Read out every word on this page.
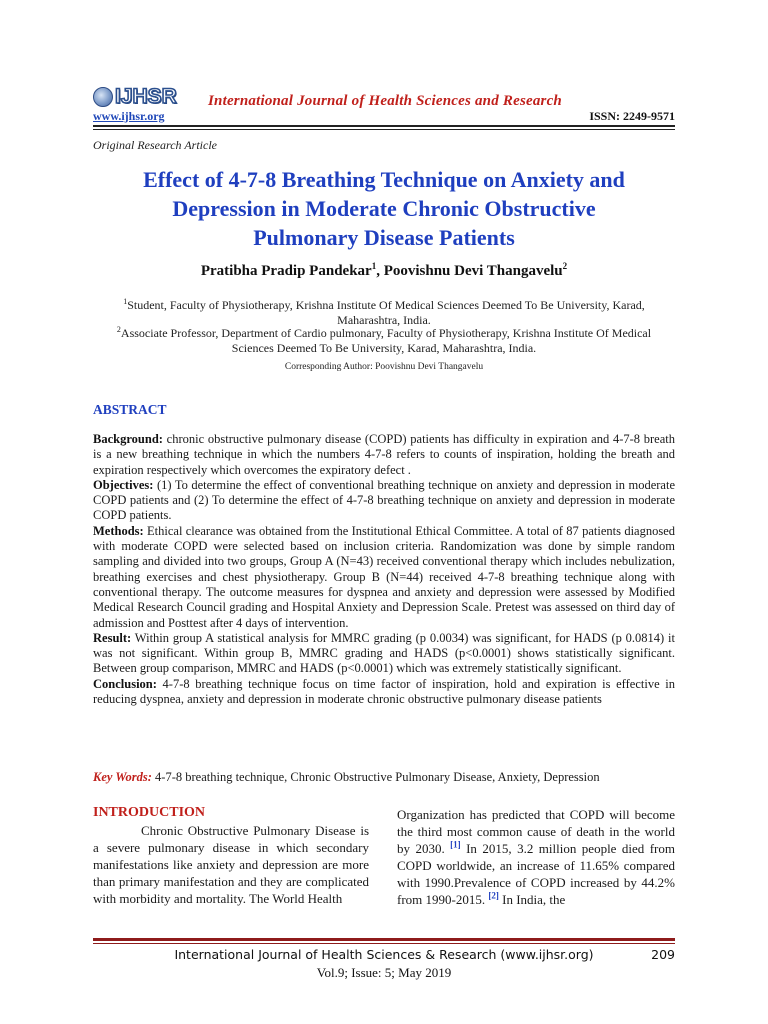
IJHSR International Journal of Health Sciences and Research
www.ijhsr.org	ISSN: 2249-9571
Original Research Article
Effect of 4-7-8 Breathing Technique on Anxiety and
Depression in Moderate Chronic Obstructive
Pulmonary Disease Patients
Pratibha Pradip Pandekar$^1$, Poovishnu Devi Thangavelu$^2$
$^1$Student, Faculty of Physiotherapy, Krishna Institute Of Medical Sciences Deemed To Be University, Karad,
Maharashtra, India.
$^2$Associate Professor, Department of Cardio pulmonary, Faculty of Physiotherapy, Krishna Institute Of Medical
Sciences Deemed To Be University, Karad, Maharashtra, India.
Corresponding Author: Poovishnu Devi Thangavelu
ABSTRACT

Background: chronic obstructive pulmonary disease (COPD) patients has difficulty in expiration and 4-7-8 breath is a new breathing technique in which the numbers 4-7-8 refers to counts of inspiration, holding the breath and expiration respectively which overcomes the expiratory defect .

Objectives: (1) To determine the effect of conventional breathing technique on anxiety and depression in moderate COPD patients and (2) To determine the effect of 4-7-8 breathing technique on anxiety and depression in moderate COPD patients.

Methods: Ethical clearance was obtained from the Institutional Ethical Committee. A total of 87 patients diagnosed with moderate COPD were selected based on inclusion criteria. Randomization was done by simple random sampling and divided into two groups, Group A (N=43) received conventional therapy which includes nebulization, breathing exercises and chest physiotherapy. Group B (N=44) received 4-7-8 breathing technique along with conventional therapy. The outcome measures for dyspnea and anxiety and depression were assessed by Modified Medical Research Council grading and Hospital Anxiety and Depression Scale. Pretest was assessed on third day of admission and Posttest after 4 days of intervention.

Result: Within group A statistical analysis for MMRC grading (p 0.0034) was significant, for HADS (p 0.0814) it was not significant. Within group B, MMRC grading and HADS (p<0.0001) shows statistically significant. Between group comparison, MMRC and HADS (p<0.0001) which was extremely statistically significant.

Conclusion: 4-7-8 breathing technique focus on time factor of inspiration, hold and expiration is effective in reducing dyspnea, anxiety and depression in moderate chronic obstructive pulmonary disease patients

Key Words: 4-7-8 breathing technique, Chronic Obstructive Pulmonary Disease, Anxiety, Depression
INTRODUCTION

Chronic Obstructive Pulmonary Disease is a severe pulmonary disease in which secondary manifestations like anxiety and depression are more than primary manifestation and they are complicated with morbidity and mortality. The World Health

Organization has predicted that COPD will become the third most common cause of death in the world by 2030. [1] In 2015, 3.2 million people died from COPD worldwide, an increase of 11.65% compared with 1990.Prevalence of COPD increased by 44.2% from 1990-2015. [2] In India, the

International Journal of Health Sciences & Research (www.ijhsr.org)	209
Vol.9; Issue: 5; May 2019
